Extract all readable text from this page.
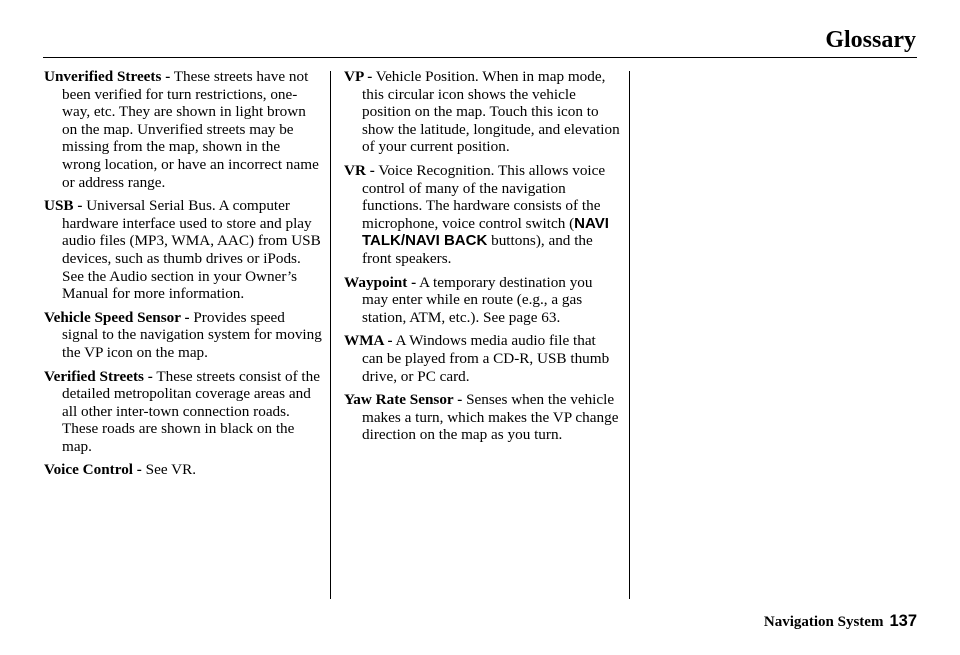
Glossary

Unverified Streets - These streets have not been verified for turn restrictions, one-way, etc. They are shown in light brown on the map. Unverified streets may be missing from the map, shown in the wrong location, or have an incorrect name or address range.

USB - Universal Serial Bus. A computer hardware interface used to store and play audio files (MP3, WMA, AAC) from USB devices, such as thumb drives or iPods. See the Audio section in your Owner’s Manual for more information.

Vehicle Speed Sensor - Provides speed signal to the navigation system for moving the VP icon on the map.

Verified Streets - These streets consist of the detailed metropolitan coverage areas and all other inter-town connection roads. These roads are shown in black on the map.

Voice Control - See VR.

VP - Vehicle Position. When in map mode, this circular icon shows the vehicle position on the map. Touch this icon to show the latitude, longitude, and elevation of your current position.

VR - Voice Recognition. This allows voice control of many of the navigation functions. The hardware consists of the microphone, voice control switch (NAVI TALK/NAVI BACK buttons), and the front speakers.

Waypoint - A temporary destination you may enter while en route (e.g., a gas station, ATM, etc.). See page 63.

WMA - A Windows media audio file that can be played from a CD-R, USB thumb drive, or PC card.

Yaw Rate Sensor - Senses when the vehicle makes a turn, which makes the VP change direction on the map as you turn.

Navigation System 137
